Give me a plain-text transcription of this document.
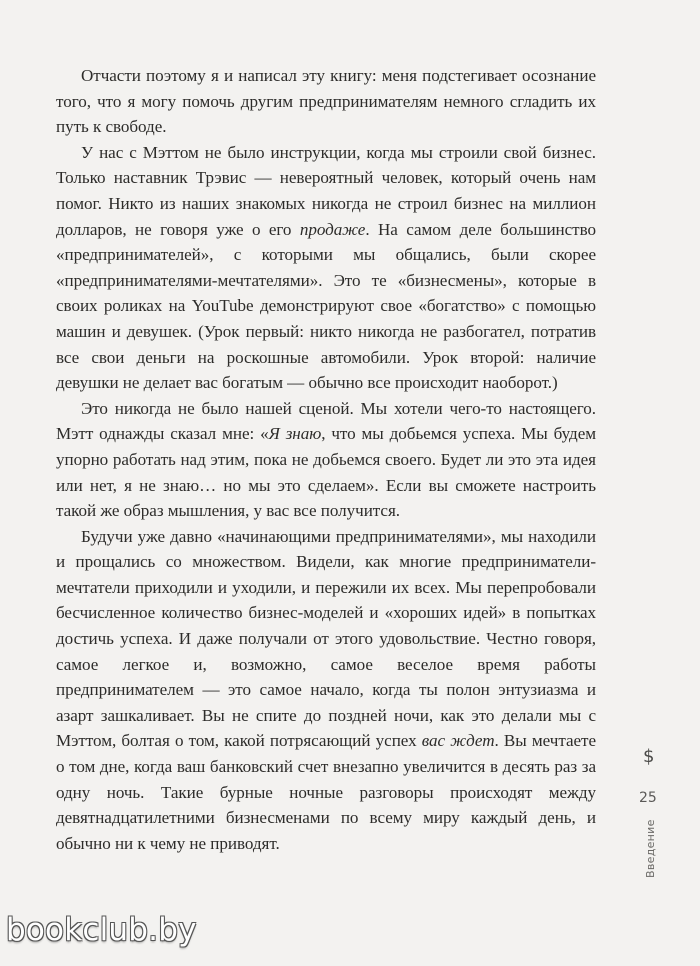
Отчасти поэтому я и написал эту книгу: меня подстегивает осознание того, что я могу помочь другим предпринимателям немного сгладить их путь к свободе.

У нас с Мэттом не было инструкции, когда мы строили свой бизнес. Только наставник Трэвис — невероятный человек, который очень нам помог. Никто из наших знакомых никогда не строил бизнес на миллион долларов, не говоря уже о его продаже. На самом деле большинство «предпринимателей», с которыми мы общались, были скорее «предпринимателями-мечтателями». Это те «бизнесмены», которые в своих роликах на YouTube демонстрируют свое «богатство» с помощью машин и девушек. (Урок первый: никто никогда не разбогател, потратив все свои деньги на роскошные автомобили. Урок второй: наличие девушки не делает вас богатым — обычно все происходит наоборот.)

Это никогда не было нашей сценой. Мы хотели чего-то настоящего. Мэтт однажды сказал мне: «Я знаю, что мы добьемся успеха. Мы будем упорно работать над этим, пока не добьемся своего. Будет ли это эта идея или нет, я не знаю… но мы это сделаем». Если вы сможете настроить такой же образ мышления, у вас все получится.

Будучи уже давно «начинающими предпринимателями», мы находили и прощались со множеством. Видели, как многие предприниматели-мечтатели приходили и уходили, и пережили их всех. Мы перепробовали бесчисленное количество бизнес-моделей и «хороших идей» в попытках достичь успеха. И даже получали от этого удовольствие. Честно говоря, самое легкое и, возможно, самое веселое время работы предпринимателем — это самое начало, когда ты полон энтузиазма и азарт зашкаливает. Вы не спите до поздней ночи, как это делали мы с Мэттом, болтая о том, какой потрясающий успех вас ждет. Вы мечтаете о том дне, когда ваш банковский счет внезапно увеличится в десять раз за одну ночь. Такие бурные ночные разговоры происходят между девятнадцатилетними бизнесменами по всему миру каждый день, и обычно ни к чему не приводят.

$
Введение
25
bookclub.by
